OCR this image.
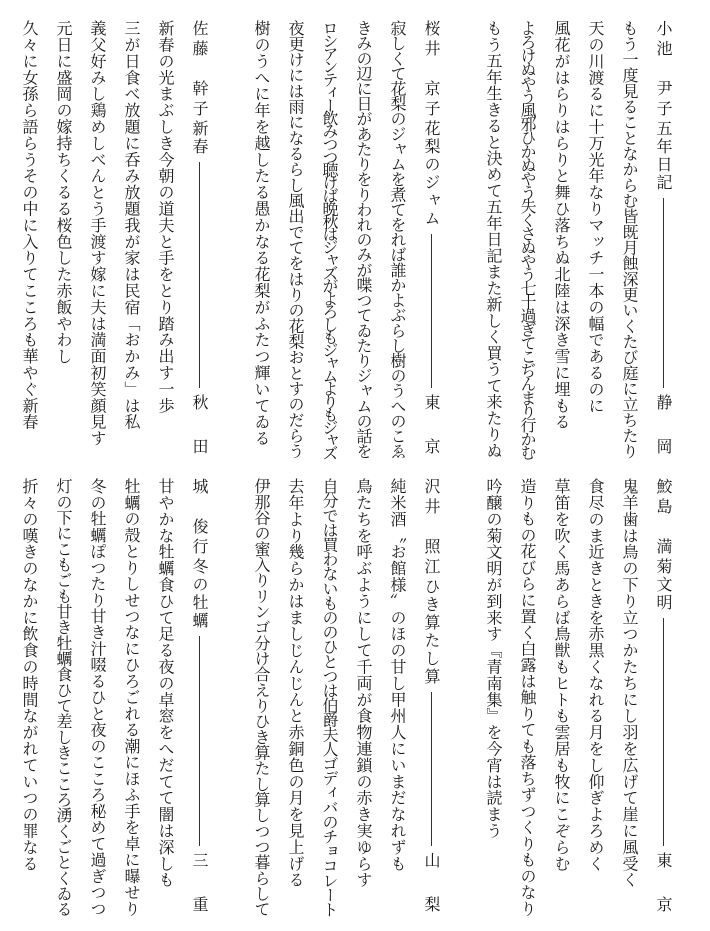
小池　尹子
五年日記
静　岡
もう一度見ることなからむ皆既月蝕深更いくたび庭に立ちたり
天の川渡るに十万光年なりマッチ一本の幅であるのに
風花がはらりはらりと舞ひ落ちぬ北陸は深き雪に埋もる
よろけぬやう風邪ひかぬやう失くさぬやう七十過ぎてこぢんまり行かむ
もう五年生きると決めて五年日記また新しく買うて来たりぬ
桜井　京子
花梨のジャム
東　京
寂しくて花梨のジャムを煮てをれば誰かよぶらし樹のうへのこゑ
きみの辺に日があたりをりわれのみが喋つてゐたりジャムの話を
ロシアンティー飲みつつ聴けば晩秋はジャズがよろしもジャムよりもジャズ
夜更けには雨になるらし風出でてをはりの花梨おとすのだらう
樹のうへに年を越したる愚かなる花梨がふたつ輝いてゐる
佐藤　幹子
新春
秋　田
新春の光まぶしき今朝の道夫と手をとり踏み出す一歩
三が日食べ放題に呑み放題我が家は民宿「おかみ」は私
義父好みし鶏めしべんとう手渡す嫁に夫は満面初笑顔見す
元日に盛岡の嫁持ちくるる桜色した赤飯やわし
久々に女孫ら語らうその中に入りてこころも華やぐ新春
鮫島　満
菊文明
東　京
鬼羊歯は鳥の下り立つかたちにし羽を広げて崖に風受く
食尽のま近きときを赤黒くなれる月をし仰ぎよろめく
草笛を吹く馬あらば鳥獣もヒトも雲居も牧にこぞらむ
造りもの花びらに置く白露は触りても落ちずつくりものなり
吟醸の菊文明が到来す『青南集』を今宵は読まう
沢井　照江
ひき算たし算
山　梨
純米酒〝お館様〟のほの甘し甲州人にいまだなれずも
鳥たちを呼ぶようにして千両が食物連鎖の赤き実ゆらす
自分では買わないもののひとつは伯爵夫人ゴディバのチョコレート
去年より幾らかはましじんじんと赤銅色の月を見上げる
伊那谷の蜜入りリンゴ分け合えりひき算たし算しつつ暮らして
城　俊行
冬の牡蠣
三　重
甘やかな牡蠣食ひて足る夜の卓窓をへだてて闇は深しも
牡蠣の殻とりしせつなにひろごれる潮にほふ手を卓に曝せり
冬の牡蠣ぽつたり甘き汁啜るひと夜のこころ秘めて過ぎつつ
灯の下にこもごも甘き牡蠣食ひて差しきこころ湧くごとくゐる
折々の嘆きのなかに飲食の時間ながれていつの罪なる
